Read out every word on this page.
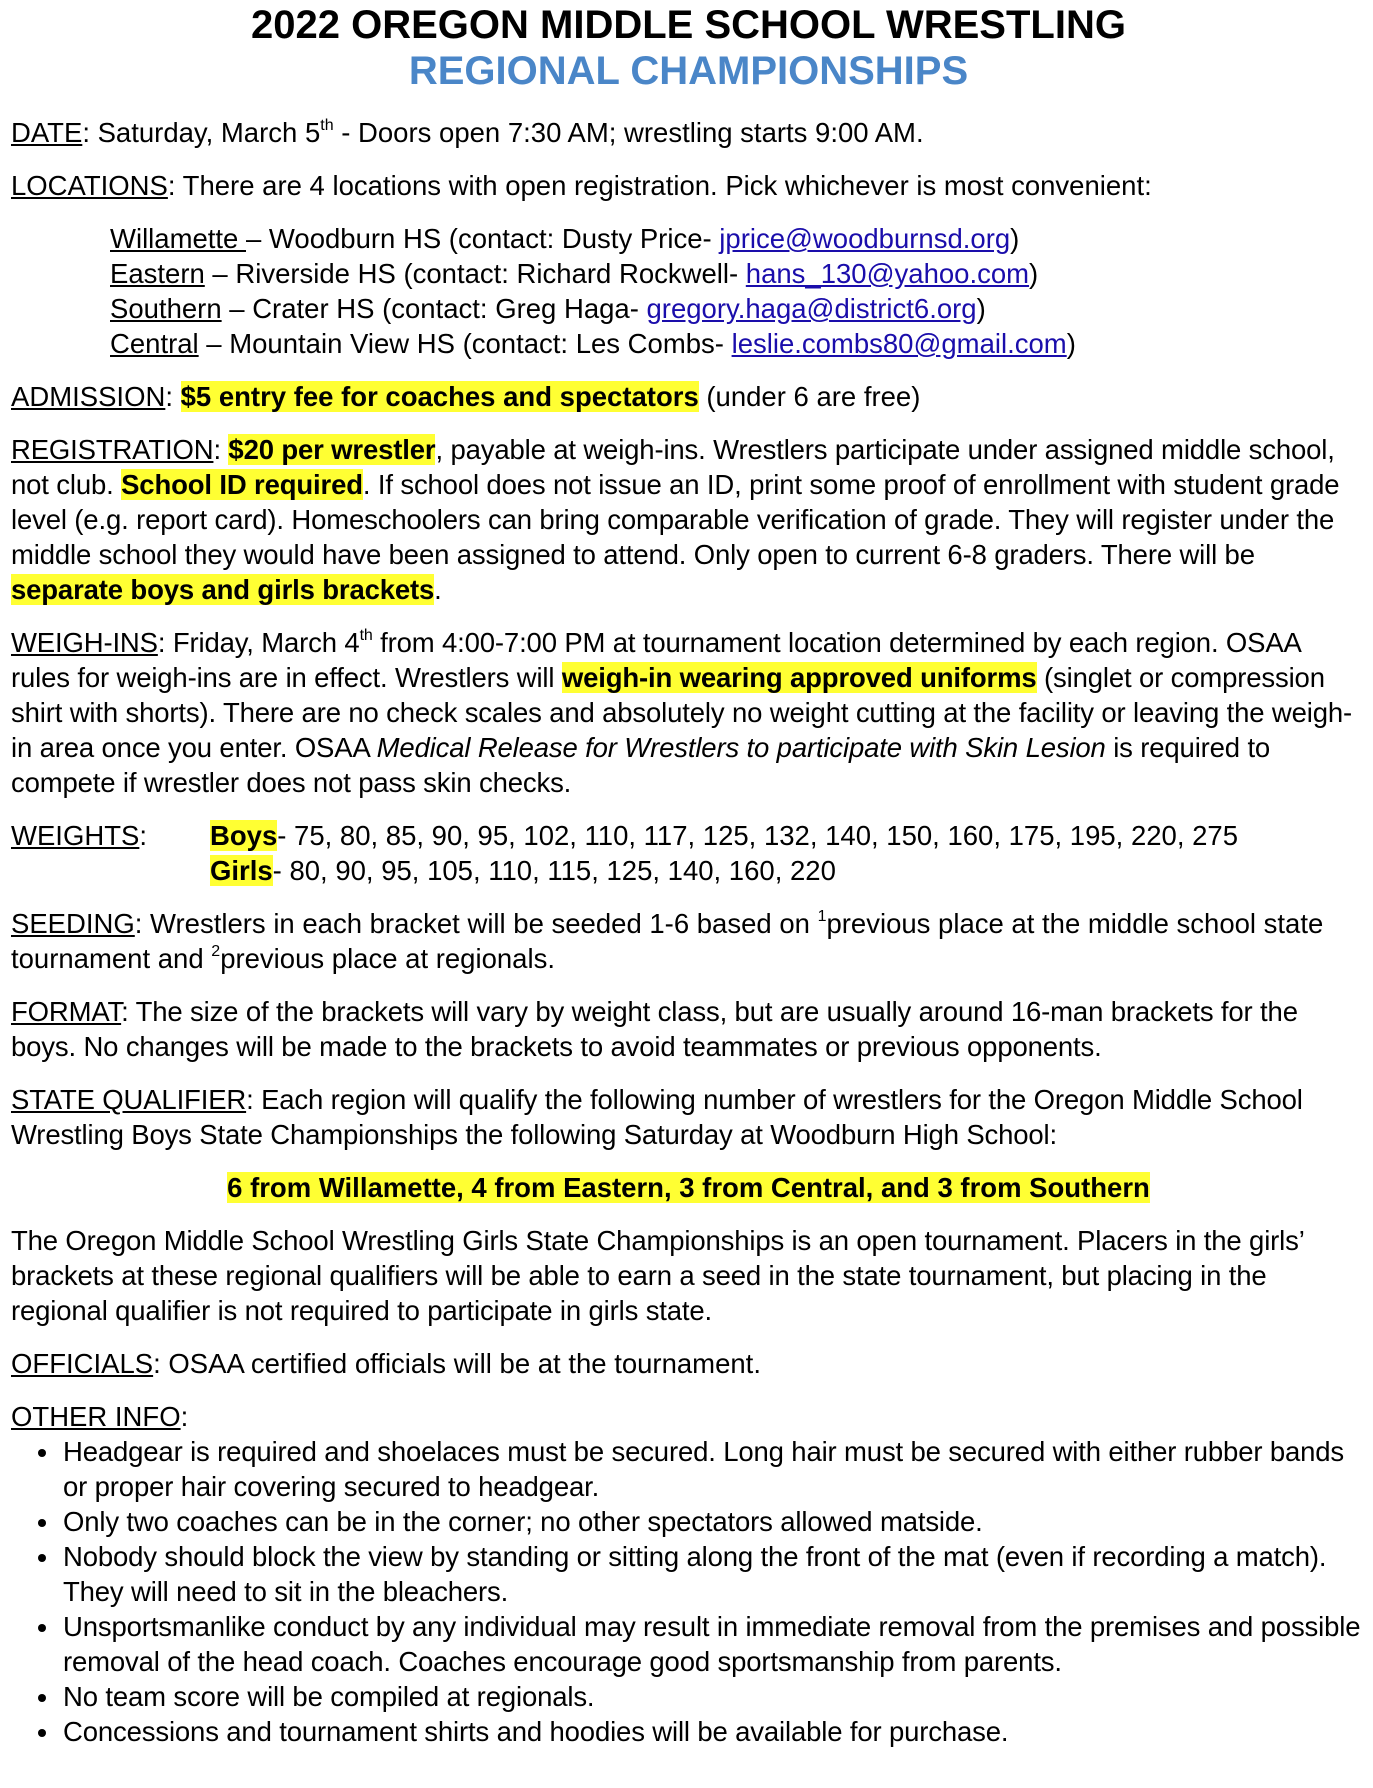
2022 OREGON MIDDLE SCHOOL WRESTLING
REGIONAL CHAMPIONSHIPS

DATE: Saturday, March 5th - Doors open 7:30 AM; wrestling starts 9:00 AM.

LOCATIONS: There are 4 locations with open registration. Pick whichever is most convenient:

Willamette – Woodburn HS (contact: Dusty Price- jprice@woodburnsd.org)
Eastern – Riverside HS (contact: Richard Rockwell- hans_130@yahoo.com)
Southern – Crater HS (contact: Greg Haga- gregory.haga@district6.org)
Central – Mountain View HS (contact: Les Combs- leslie.combs80@gmail.com)

ADMISSION: $5 entry fee for coaches and spectators (under 6 are free)

REGISTRATION: $20 per wrestler, payable at weigh-ins. Wrestlers participate under assigned middle school, not club. School ID required. If school does not issue an ID, print some proof of enrollment with student grade level (e.g. report card). Homeschoolers can bring comparable verification of grade. They will register under the middle school they would have been assigned to attend. Only open to current 6-8 graders. There will be separate boys and girls brackets.

WEIGH-INS: Friday, March 4th from 4:00-7:00 PM at tournament location determined by each region. OSAA rules for weigh-ins are in effect. Wrestlers will weigh-in wearing approved uniforms (singlet or compression shirt with shorts). There are no check scales and absolutely no weight cutting at the facility or leaving the weigh-in area once you enter. OSAA Medical Release for Wrestlers to participate with Skin Lesion is required to compete if wrestler does not pass skin checks.

WEIGHTS:	Boys- 75, 80, 85, 90, 95, 102, 110, 117, 125, 132, 140, 150, 160, 175, 195, 220, 275
Girls- 80, 90, 95, 105, 110, 115, 125, 140, 160, 220

SEEDING: Wrestlers in each bracket will be seeded 1-6 based on $^1$previous place at the middle school state tournament and $^2$previous place at regionals.

FORMAT: The size of the brackets will vary by weight class, but are usually around 16-man brackets for the boys. No changes will be made to the brackets to avoid teammates or previous opponents.

STATE QUALIFIER: Each region will qualify the following number of wrestlers for the Oregon Middle School Wrestling Boys State Championships the following Saturday at Woodburn High School:

6 from Willamette, 4 from Eastern, 3 from Central, and 3 from Southern

The Oregon Middle School Wrestling Girls State Championships is an open tournament. Placers in the girls’ brackets at these regional qualifiers will be able to earn a seed in the state tournament, but placing in the regional qualifier is not required to participate in girls state.

OFFICIALS: OSAA certified officials will be at the tournament.

OTHER INFO:

• Headgear is required and shoelaces must be secured. Long hair must be secured with either rubber bands or proper hair covering secured to headgear.
• Only two coaches can be in the corner; no other spectators allowed matside.
• Nobody should block the view by standing or sitting along the front of the mat (even if recording a match). They will need to sit in the bleachers.
• Unsportsmanlike conduct by any individual may result in immediate removal from the premises and possible removal of the head coach. Coaches encourage good sportsmanship from parents.
• No team score will be compiled at regionals.
• Concessions and tournament shirts and hoodies will be available for purchase.
